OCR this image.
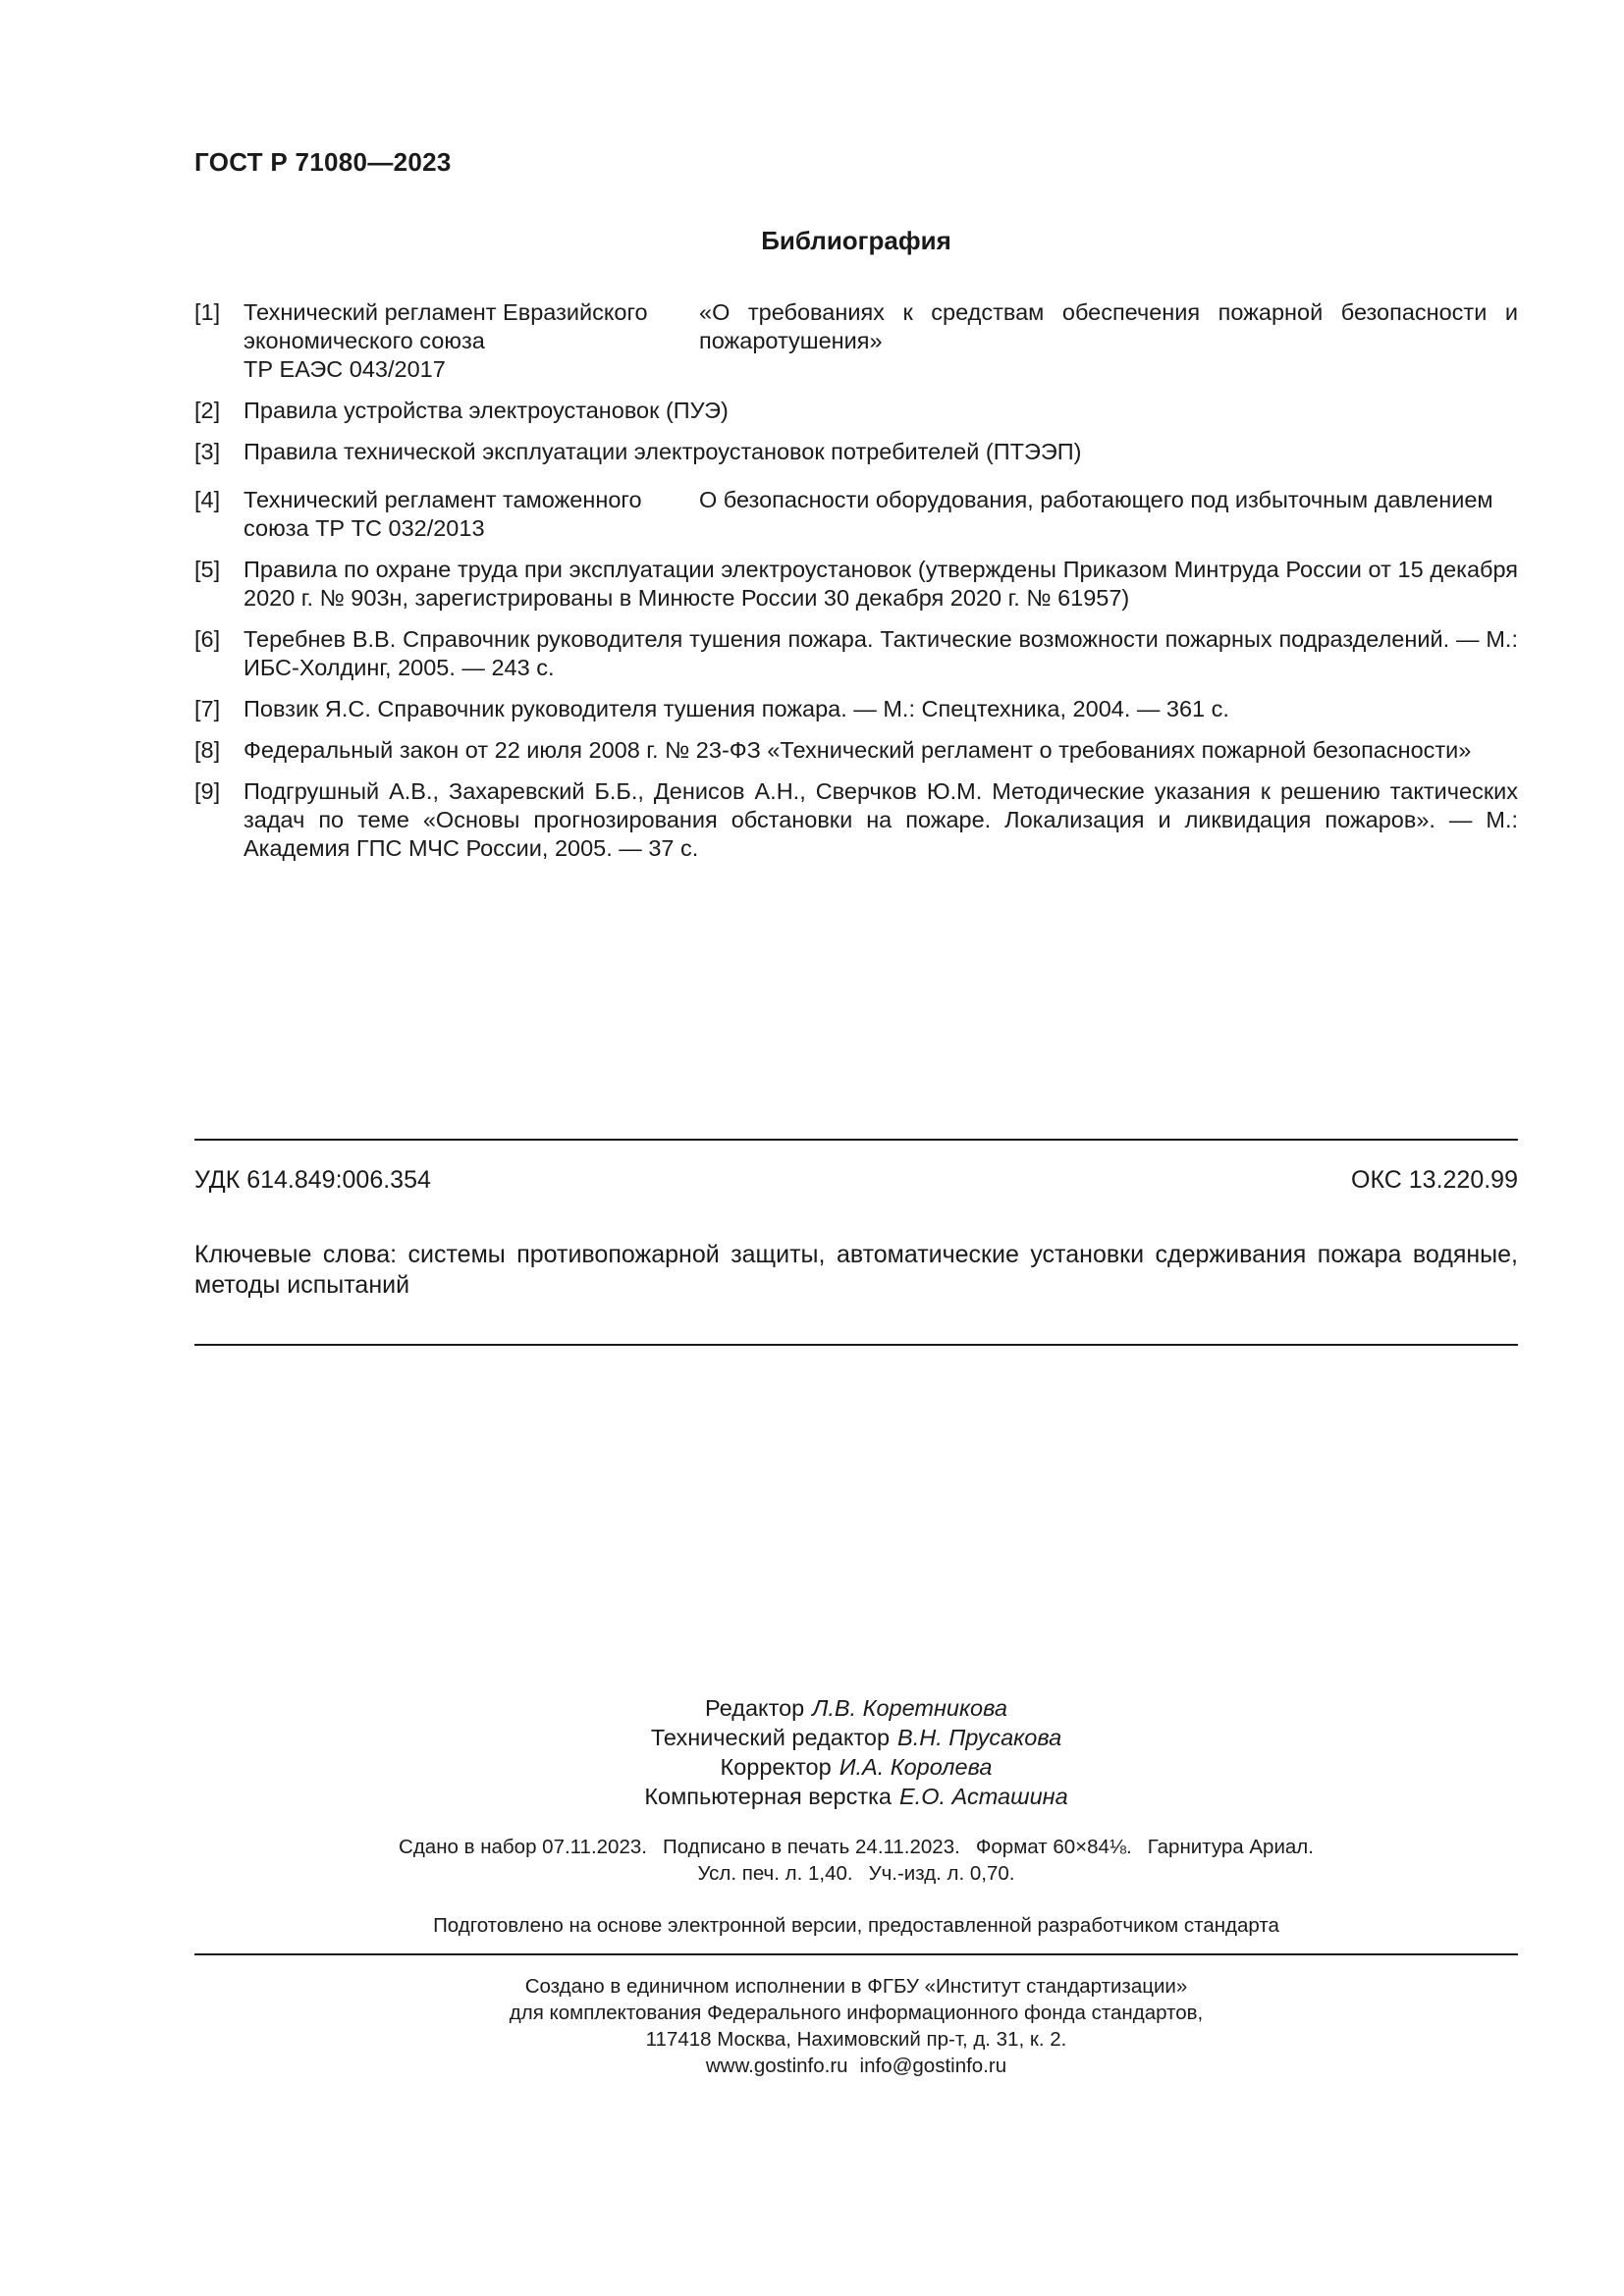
ГОСТ Р 71080—2023
Библиография
[1] Технический регламент Евразийского
экономического союза
ТР ЕАЭС 043/2017
«О требованиях к средствам обеспечения пожарной безопасности и пожаротушения»
[2] Правила устройства электроустановок (ПУЭ)
[3] Правила технической эксплуатации электроустановок потребителей (ПТЭЭП)
[4] Технический регламент таможенного
союза ТР ТС 032/2013
О безопасности оборудования, работающего под избыточным давлением
[5] Правила по охране труда при эксплуатации электроустановок (утверждены Приказом Минтруда России от 15 декабря 2020 г. № 903н, зарегистрированы в Минюсте России 30 декабря 2020 г. № 61957)
[6] Теребнев В.В. Справочник руководителя тушения пожара. Тактические возможности пожарных подразделений. — М.: ИБС-Холдинг, 2005. — 243 с.
[7] Повзик Я.С. Справочник руководителя тушения пожара. — М.: Спецтехника, 2004. — 361 с.
[8] Федеральный закон от 22 июля 2008 г. № 23-ФЗ «Технический регламент о требованиях пожарной безопасности»
[9] Подгрушный А.В., Захаревский Б.Б., Денисов А.Н., Сверчков Ю.М. Методические указания к решению тактических задач по теме «Основы прогнозирования обстановки на пожаре. Локализация и ликвидация пожаров». — М.: Академия ГПС МЧС России, 2005. — 37 с.
УДК 614.849:006.354	ОКС 13.220.99
Ключевые слова: системы противопожарной защиты, автоматические установки сдерживания пожара водяные, методы испытаний
Редактор Л.В. Коретникова
Технический редактор В.Н. Прусакова
Корректор И.А. Королева
Компьютерная верстка Е.О. Асташина
Сдано в набор 07.11.2023. Подписано в печать 24.11.2023. Формат 60×84⅛. Гарнитура Ариал.
Усл. печ. л. 1,40. Уч.-изд. л. 0,70.
Подготовлено на основе электронной версии, предоставленной разработчиком стандарта
Создано в единичном исполнении в ФГБУ «Институт стандартизации»
для комплектования Федерального информационного фонда стандартов,
117418 Москва, Нахимовский пр-т, д. 31, к. 2.
www.gostinfo.ru info@gostinfo.ru
